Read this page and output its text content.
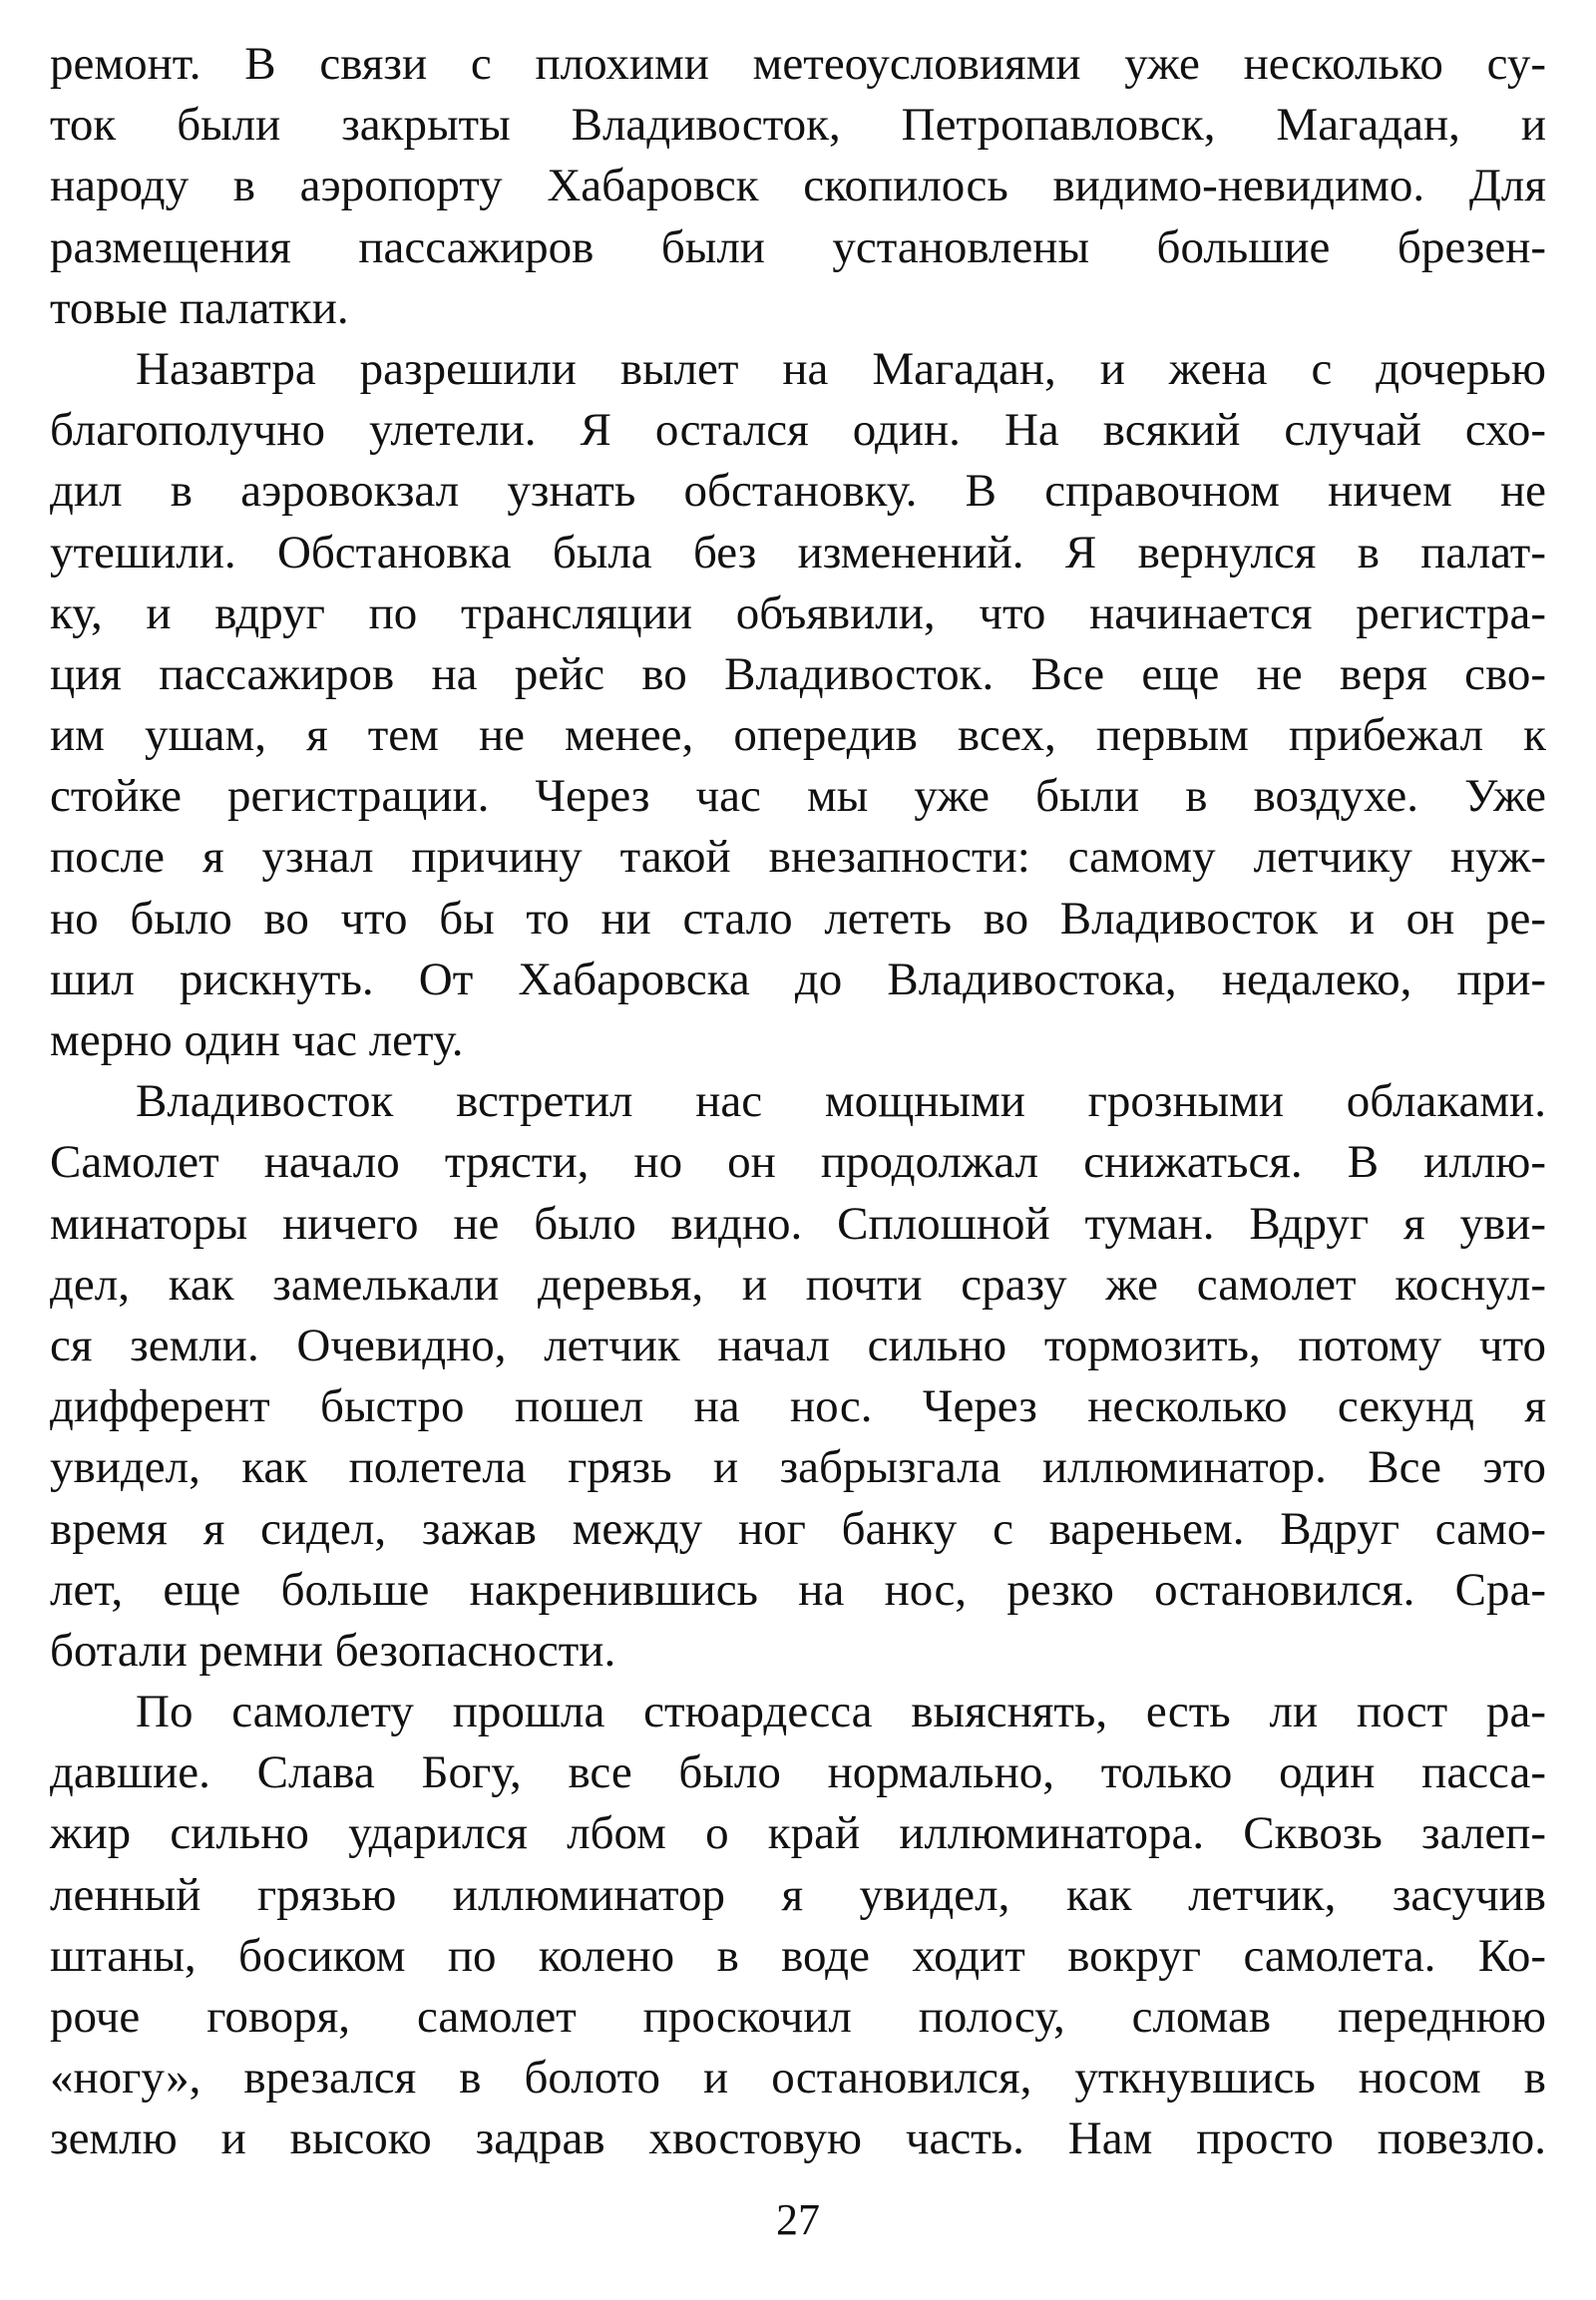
ремонт. В связи с плохими метеоусловиями уже несколько су-
ток были закрыты Владивосток, Петропавловск, Магадан, и
народу в аэропорту Хабаровск скопилось видимо-невидимо. Для
размещения пассажиров были установлены большие брезен-
товые палатки.
Назавтра разрешили вылет на Магадан, и жена с дочерью
благополучно улетели. Я остался один. На всякий случай схо-
дил в аэровокзал узнать обстановку. В справочном ничем не
утешили. Обстановка была без изменений. Я вернулся в палат-
ку, и вдруг по трансляции объявили, что начинается регистра-
ция пассажиров на рейс во Владивосток. Все еще не веря сво-
им ушам, я тем не менее, опередив всех, первым прибежал к
стойке регистрации. Через час мы уже были в воздухе. Уже
после я узнал причину такой внезапности: самому летчику нуж-
но было во что бы то ни стало лететь во Владивосток и он ре-
шил рискнуть. От Хабаровска до Владивостока, недалеко, при-
мерно один час лету.
Владивосток встретил нас мощными грозными облаками.
Самолет начало трясти, но он продолжал снижаться. В иллю-
минаторы ничего не было видно. Сплошной туман. Вдруг я уви-
дел, как замелькали деревья, и почти сразу же самолет коснул-
ся земли. Очевидно, летчик начал сильно тормозить, потому что
дифферент быстро пошел на нос. Через несколько секунд я
увидел, как полетела грязь и забрызгала иллюминатор. Все это
время я сидел, зажав между ног банку с вареньем. Вдруг само-
лет, еще больше накренившись на нос, резко остановился. Сра-
ботали ремни безопасности.
По самолету прошла стюардесса выяснять, есть ли пост ра-
давшие. Слава Богу, все было нормально, только один пасса-
жир сильно ударился лбом о край иллюминатора. Сквозь залеп-
ленный грязью иллюминатор я увидел, как летчик, засучив
штаны, босиком по колено в воде ходит вокруг самолета. Ко-
роче говоря, самолет проскочил полосу, сломав переднюю
«ногу», врезался в болото и остановился, уткнувшись носом в
землю и высоко задрав хвостовую часть. Нам просто повезло.
27
